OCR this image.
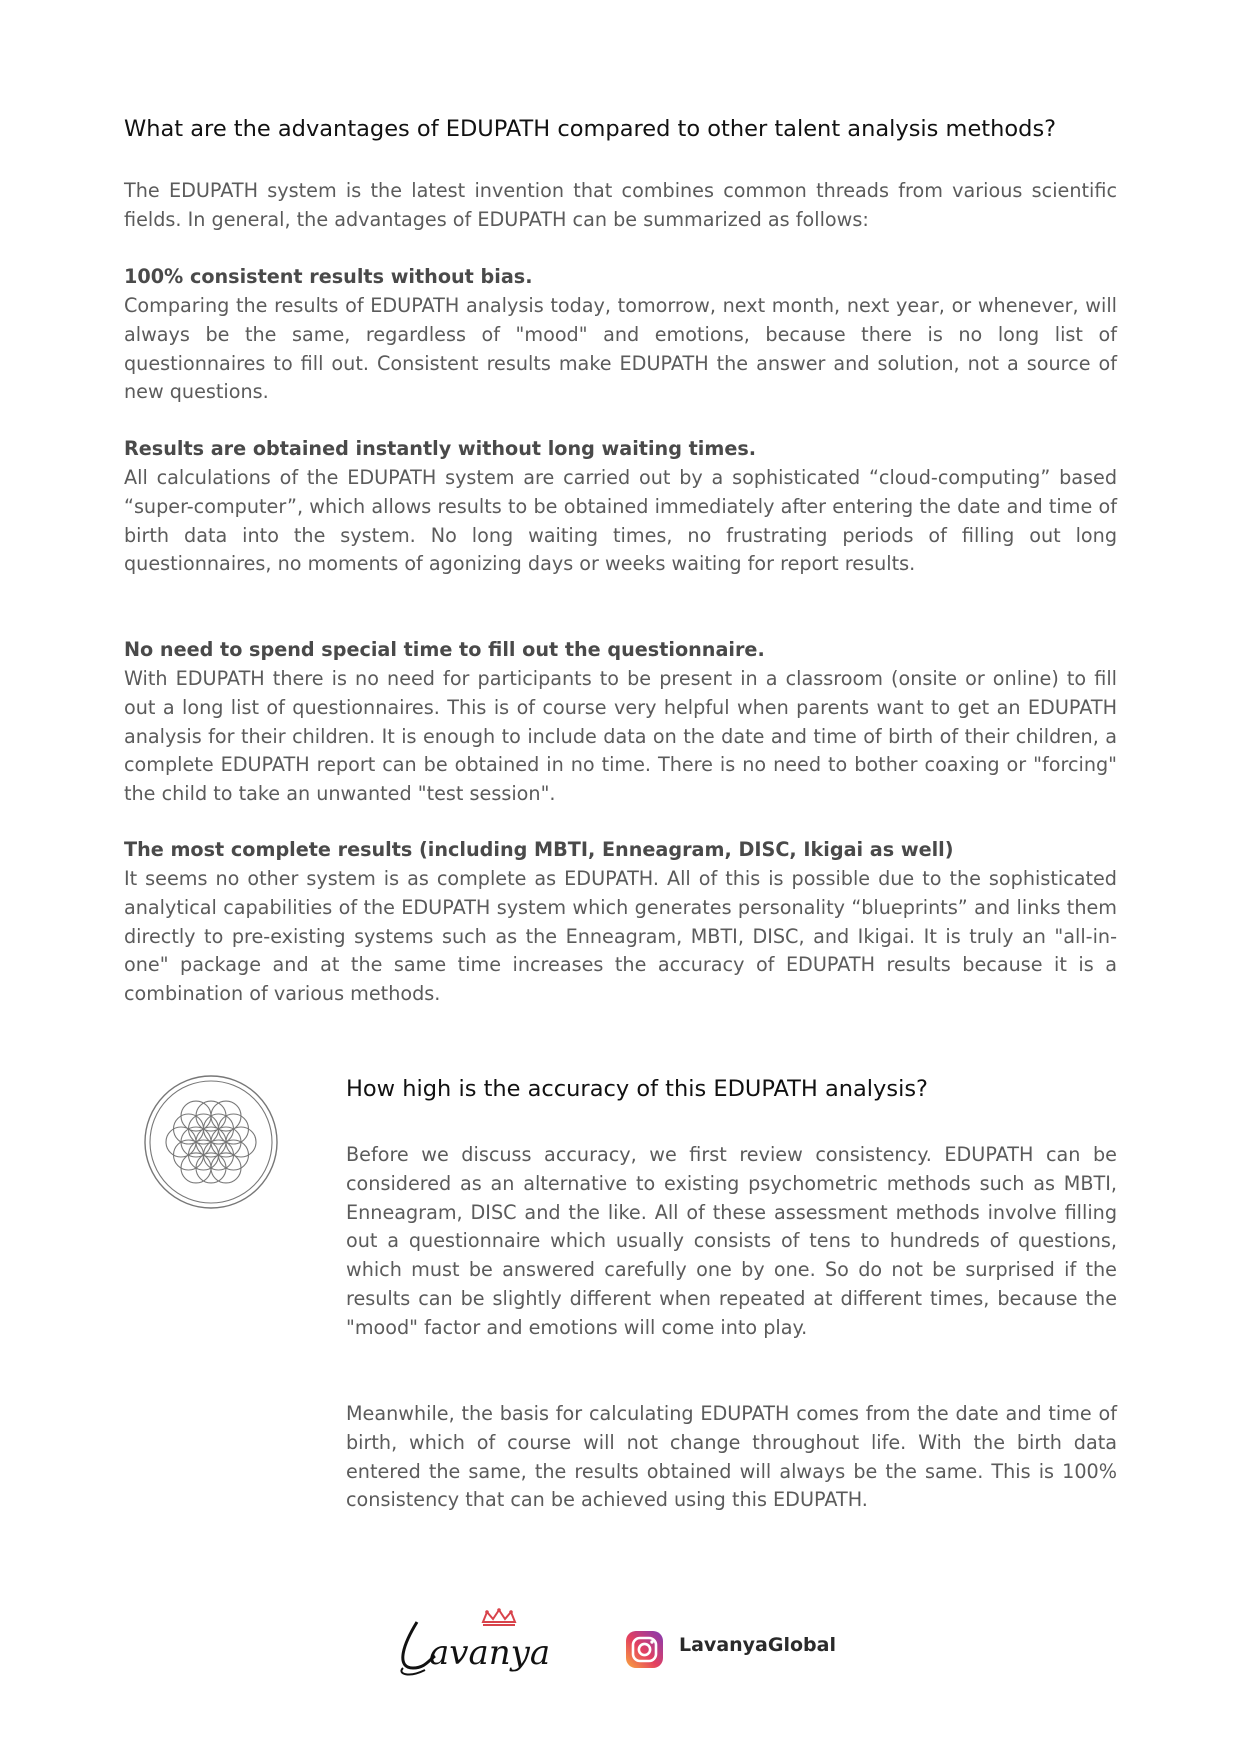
What are the advantages of EDUPATH compared to other talent analysis methods?

The EDUPATH system is the latest invention that combines common threads from various scientific fields. In general, the advantages of EDUPATH can be summarized as follows:

100% consistent results without bias.

Comparing the results of EDUPATH analysis today, tomorrow, next month, next year, or whenever, will always be the same, regardless of "mood" and emotions, because there is no long list of questionnaires to fill out. Consistent results make EDUPATH the answer and solution, not a source of new questions.

Results are obtained instantly without long waiting times.

All calculations of the EDUPATH system are carried out by a sophisticated “cloud-computing” based “super-computer”, which allows results to be obtained immediately after entering the date and time of birth data into the system. No long waiting times, no frustrating periods of filling out long questionnaires, no moments of agonizing days or weeks waiting for report results.

No need to spend special time to fill out the questionnaire.

With EDUPATH there is no need for participants to be present in a classroom (onsite or online) to fill out a long list of questionnaires. This is of course very helpful when parents want to get an EDUPATH analysis for their children. It is enough to include data on the date and time of birth of their children, a complete EDUPATH report can be obtained in no time. There is no need to bother coaxing or "forcing" the child to take an unwanted "test session".

The most complete results (including MBTI, Enneagram, DISC, Ikigai as well)

It seems no other system is as complete as EDUPATH. All of this is possible due to the sophisticated analytical capabilities of the EDUPATH system which generates personality “blueprints” and links them directly to pre-existing systems such as the Enneagram, MBTI, DISC, and Ikigai. It is truly an "all-in-one" package and at the same time increases the accuracy of EDUPATH results because it is a combination of various methods.

How high is the accuracy of this EDUPATH analysis?

Before we discuss accuracy, we first review consistency. EDUPATH can be considered as an alternative to existing psychometric methods such as MBTI, Enneagram, DISC and the like. All of these assessment methods involve filling out a questionnaire which usually consists of tens to hundreds of questions, which must be answered carefully one by one. So do not be surprised if the results can be slightly different when repeated at different times, because the "mood" factor and emotions will come into play.

Meanwhile, the basis for calculating EDUPATH comes from the date and time of birth, which of course will not change throughout life. With the birth data entered the same, the results obtained will always be the same. This is 100% consistency that can be achieved using this EDUPATH.

avanya	LavanyaGlobal
